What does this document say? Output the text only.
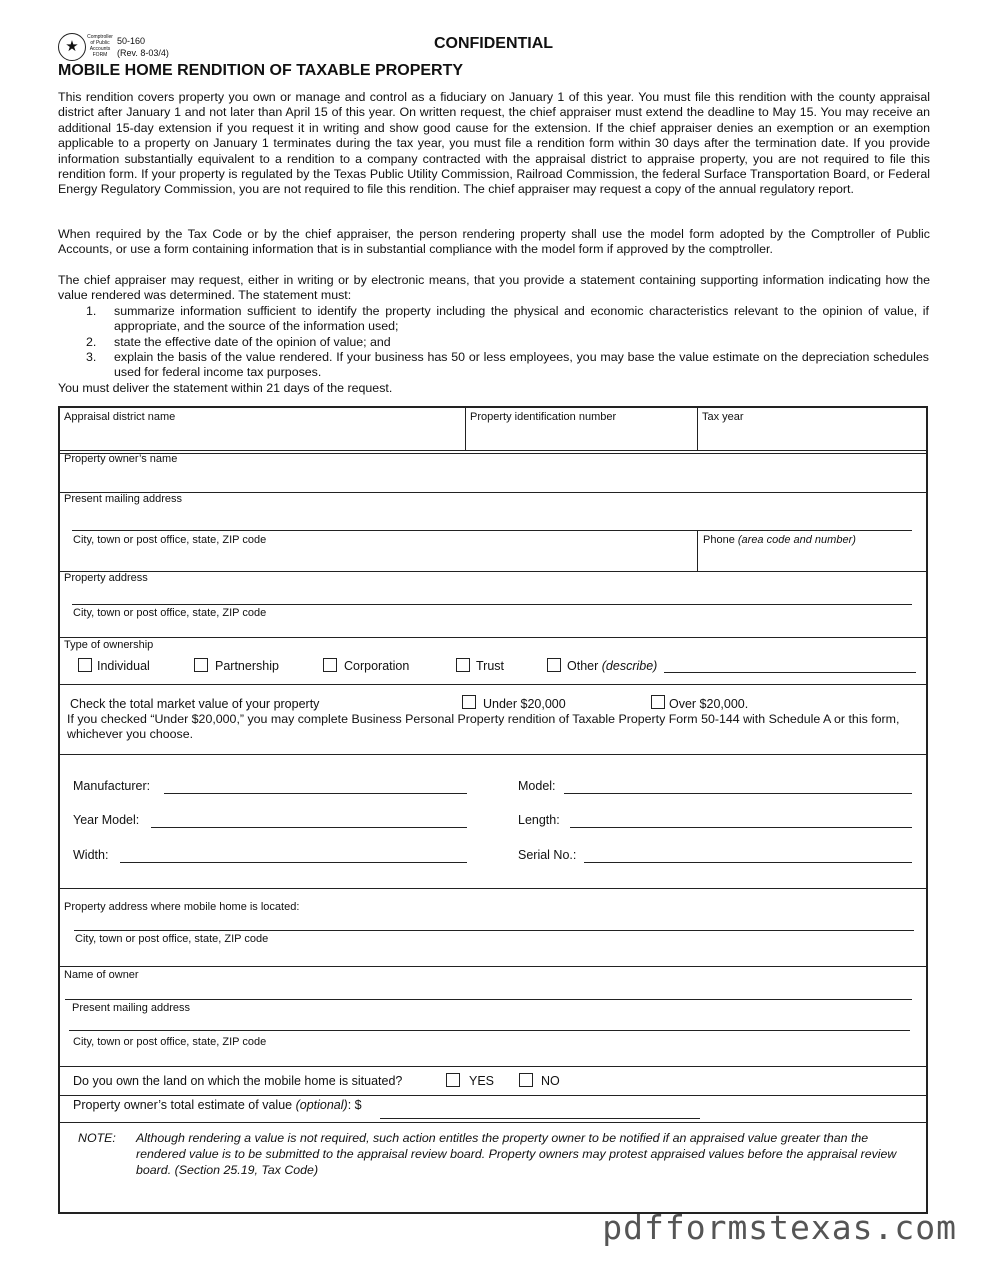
★
Comptroller
of Public
Accounts
FORM
50-160
(Rev. 8-03/4)
CONFIDENTIAL
MOBILE HOME RENDITION OF TAXABLE PROPERTY
This rendition covers property you own or manage and control as a fiduciary on January 1 of this year. You must file this rendition with the county appraisal district after January 1 and not later than April 15 of this year. On written request, the chief appraiser must extend the deadline to May 15. You may receive an additional 15-day extension if you request it in writing and show good cause for the extension. If the chief appraiser denies an exemption or an exemption applicable to a property on January 1 terminates during the tax year, you must file a rendition form within 30 days after the termination date. If you provide information substantially equivalent to a rendition to a company contracted with the appraisal district to appraise property, you are not required to file this rendition form. If your property is regulated by the Texas Public Utility Commission, Railroad Commission, the federal Surface Transportation Board, or Federal Energy Regulatory Commission, you are not required to file this rendition. The chief appraiser may request a copy of the annual regulatory report.
When required by the Tax Code or by the chief appraiser, the person rendering property shall use the model form adopted by the Comptroller of Public Accounts, or use a form containing information that is in substantial compliance with the model form if approved by the comptroller.
The chief appraiser may request, either in writing or by electronic means, that you provide a statement containing supporting information indicating how the value rendered was determined. The statement must:
1.	summarize information sufficient to identify the property including the physical and economic characteristics relevant to the opinion of value, if appropriate, and the source of the information used;
2.	state the effective date of the opinion of value; and
3.	explain the basis of the value rendered. If your business has 50 or less employees, you may base the value estimate on the depreciation schedules used for federal income tax purposes.
You must deliver the statement within 21 days of the request.
Appraisal district name	Property identification number	Tax year
Property owner’s name
Present mailing address
City, town or post office, state, ZIP code	Phone (area code and number)
Property address
City, town or post office, state, ZIP code
Type of ownership
Individual	Partnership	Corporation	Trust	Other (describe)
Check the total market value of your property	Under $20,000	Over $20,000.
If you checked “Under $20,000,” you may complete Business Personal Property rendition of Taxable Property Form 50-144 with Schedule A or this form, whichever you choose.
Manufacturer:	Model:
Year Model:	Length:
Width:	Serial No.:
Property address where mobile home is located:
City, town or post office, state, ZIP code
Name of owner
Present mailing address
City, town or post office, state, ZIP code
Do you own the land on which the mobile home is situated?	YES	NO
Property owner’s total estimate of value (optional): $
NOTE: Although rendering a value is not required, such action entitles the property owner to be notified if an appraised value greater than the rendered value is to be submitted to the appraisal review board. Property owners may protest appraised values before the appraisal review board. (Section 25.19, Tax Code)
pdfformstexas.com
